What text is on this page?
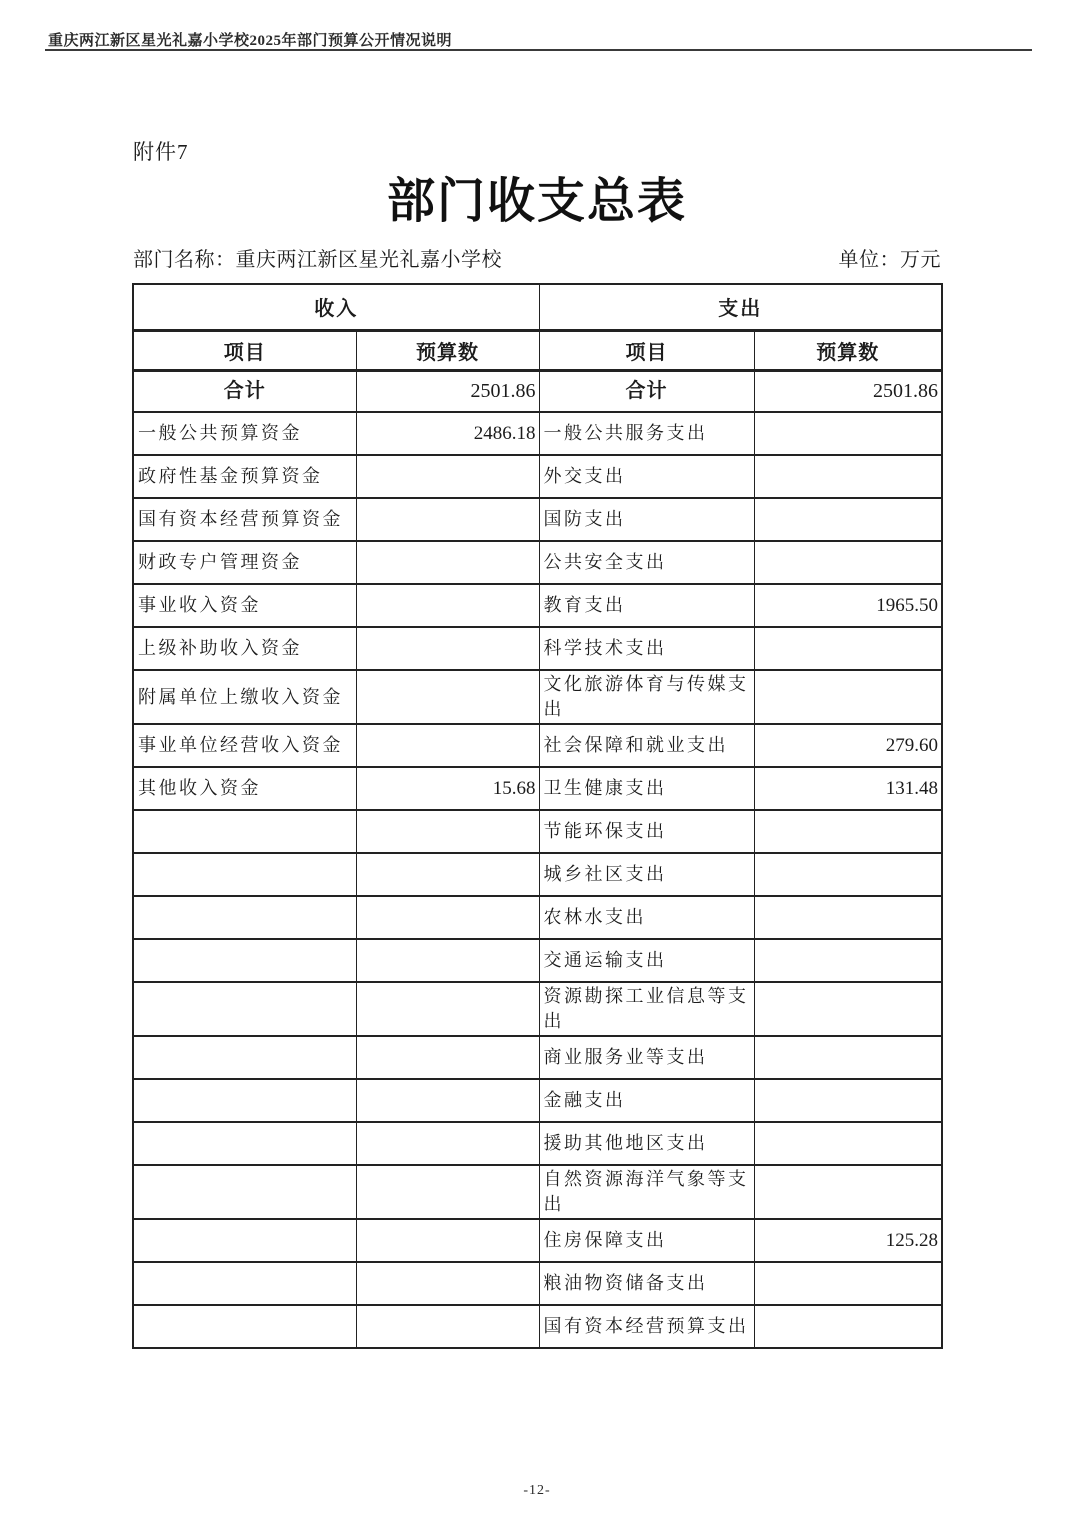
重庆两江新区星光礼嘉小学校2025年部门预算公开情况说明
附件7
部门收支总表
部门名称：重庆两江新区星光礼嘉小学校	单位：万元
收入		支出	
项目	预算数	项目	预算数
合计	2501.86	合计	2501.86
一般公共预算资金	2486.18	一般公共服务支出	
政府性基金预算资金		外交支出	
国有资本经营预算资金		国防支出	
财政专户管理资金		公共安全支出	
事业收入资金		教育支出	1965.50
上级补助收入资金		科学技术支出	
附属单位上缴收入资金		文化旅游体育与传媒支出	
事业单位经营收入资金		社会保障和就业支出	279.60
其他收入资金	15.68	卫生健康支出	131.48
		节能环保支出	
		城乡社区支出	
		农林水支出	
		交通运输支出	
		资源勘探工业信息等支出	
		商业服务业等支出	
		金融支出	
		援助其他地区支出	
		自然资源海洋气象等支出	
		住房保障支出	125.28
		粮油物资储备支出	
		国有资本经营预算支出	
-12-
